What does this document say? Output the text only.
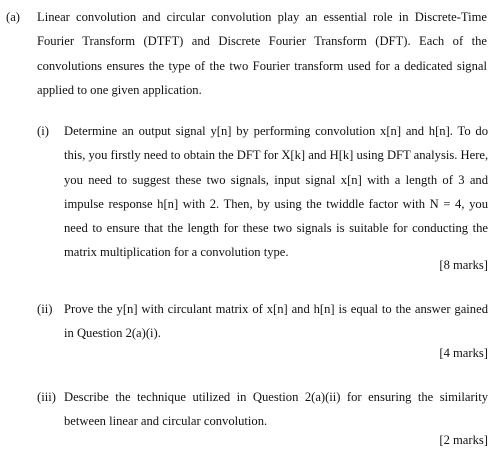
(a) Linear convolution and circular convolution play an essential role in Discrete-Time
Fourier Transform (DTFT) and Discrete Fourier Transform (DFT). Each of the
convolutions ensures the type of the two Fourier transform used for a dedicated signal
applied to one given application.
(i) Determine an output signal y[n] by performing convolution x[n] and h[n]. To do
this, you firstly need to obtain the DFT for X[k] and H[k] using DFT analysis. Here,
you need to suggest these two signals, input signal x[n] with a length of 3 and
impulse response h[n] with 2. Then, by using the twiddle factor with N = 4, you
need to ensure that the length for these two signals is suitable for conducting the
matrix multiplication for a convolution type.
[8 marks]
(ii) Prove the y[n] with circulant matrix of x[n] and h[n] is equal to the answer gained
in Question 2(a)(i).
[4 marks]
(iii) Describe the technique utilized in Question 2(a)(ii) for ensuring the similarity
between linear and circular convolution.
[2 marks]
